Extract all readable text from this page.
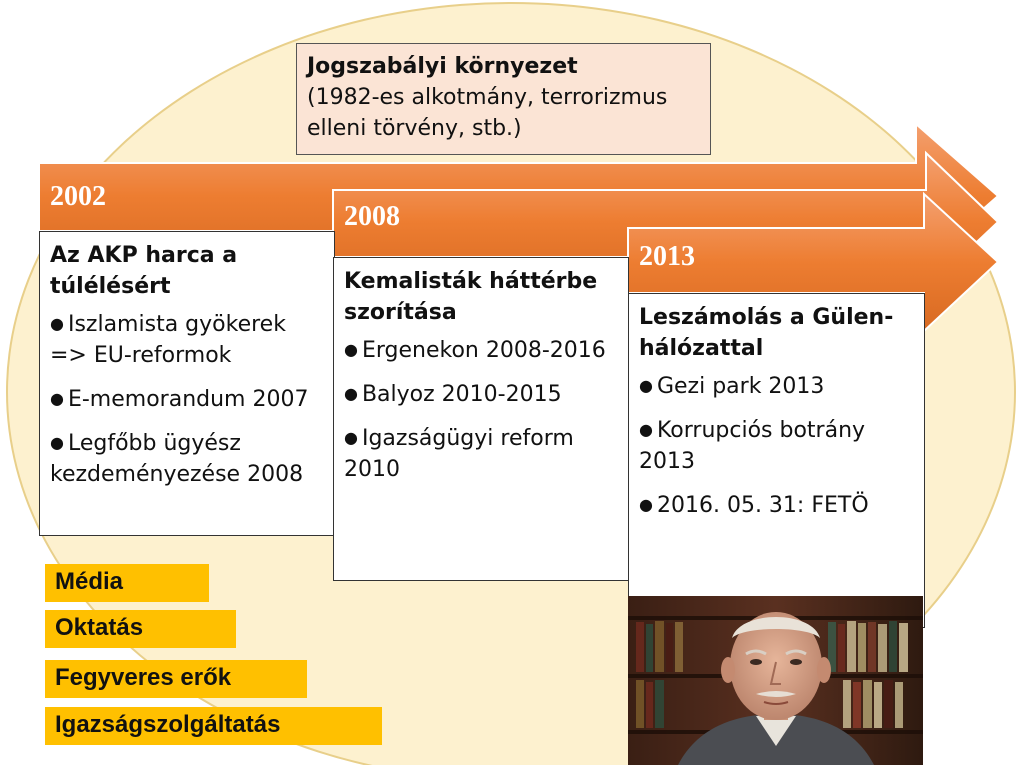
Jogszabályi környezet
(1982-es alkotmány, terrorizmus elleni törvény, stb.)
2002
2008
2013
Az AKP harca a túlélésért
● Iszlamista gyökerek => EU-reformok
● E-memorandum 2007
● Legfőbb ügyész kezdeményezése 2008
Kemalisták háttérbe szorítása
● Ergenekon 2008-2016
● Balyoz 2010-2015
● Igazságügyi reform 2010
Leszámolás a Gülen-hálózattal
● Gezi park 2013
● Korrupciós botrány 2013
● 2016. 05. 31: FETÖ
Média
Oktatás
Fegyveres erők
Igazságszolgáltatás
